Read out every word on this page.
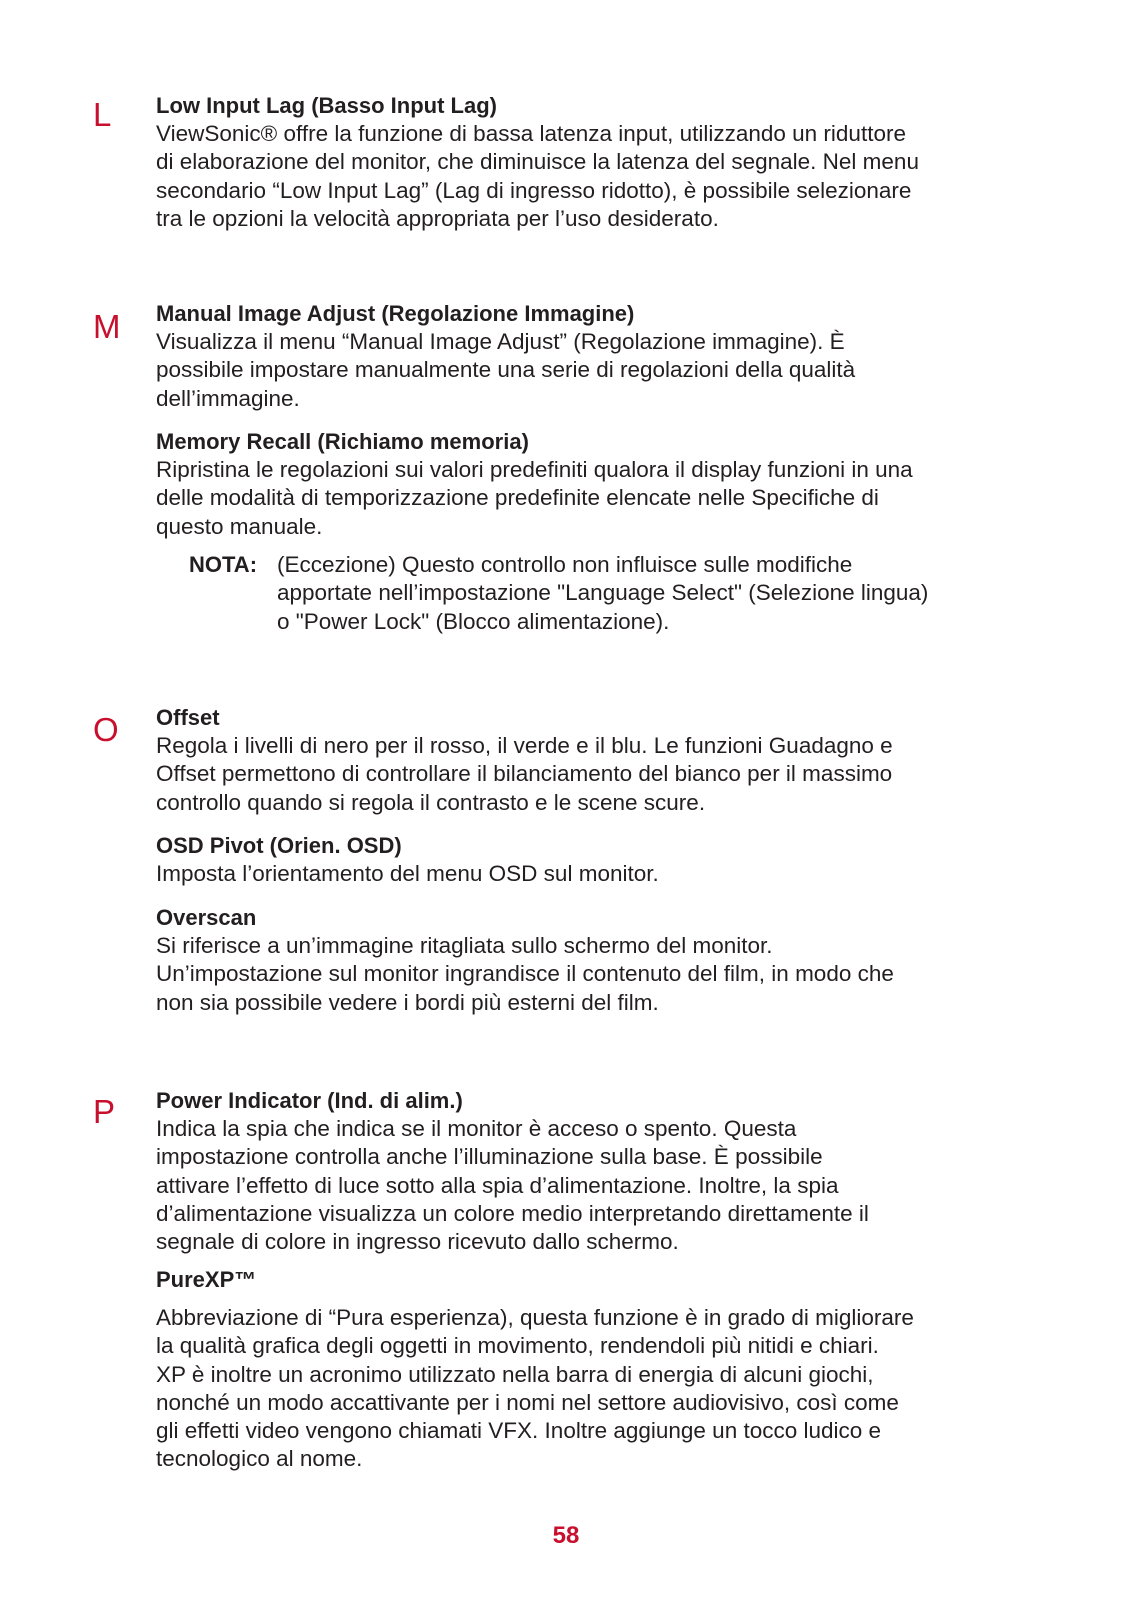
L Low Input Lag (Basso Input Lag)

ViewSonic® offre la funzione di bassa latenza input, utilizzando un riduttore

di elaborazione del monitor, che diminuisce la latenza del segnale. Nel menu

secondario “Low Input Lag” (Lag di ingresso ridotto), è possibile selezionare

tra le opzioni la velocità appropriata per l’uso desiderato.

M Manual Image Adjust (Regolazione Immagine)

Visualizza il menu “Manual Image Adjust” (Regolazione immagine). È

possibile impostare manualmente una serie di regolazioni della qualità

dell’immagine.

Memory Recall (Richiamo memoria)

Ripristina le regolazioni sui valori predefiniti qualora il display funzioni in una

delle modalità di temporizzazione predefinite elencate nelle Specifiche di

questo manuale.

NOTA: (Eccezione) Questo controllo non influisce sulle modifiche
apportate nell’impostazione "Language Select" (Selezione lingua)
o "Power Lock" (Blocco alimentazione).
O Offset

Regola i livelli di nero per il rosso, il verde e il blu. Le funzioni Guadagno e

Offset permettono di controllare il bilanciamento del bianco per il massimo

controllo quando si regola il contrasto e le scene scure.

OSD Pivot (Orien. OSD)

Imposta l’orientamento del menu OSD sul monitor.

Overscan

Si riferisce a un’immagine ritagliata sullo schermo del monitor.

Un’impostazione sul monitor ingrandisce il contenuto del film, in modo che

non sia possibile vedere i bordi più esterni del film.

P Power Indicator (Ind. di alim.)

Indica la spia che indica se il monitor è acceso o spento. Questa

impostazione controlla anche l’illuminazione sulla base. È possibile

attivare l’effetto di luce sotto alla spia d’alimentazione. Inoltre, la spia

d’alimentazione visualizza un colore medio interpretando direttamente il

segnale di colore in ingresso ricevuto dallo schermo.

PureXP™

Abbreviazione di “Pura esperienza), questa funzione è in grado di migliorare

la qualità grafica degli oggetti in movimento, rendendoli più nitidi e chiari.

XP è inoltre un acronimo utilizzato nella barra di energia di alcuni giochi,

nonché un modo accattivante per i nomi nel settore audiovisivo, così come

gli effetti video vengono chiamati VFX. Inoltre aggiunge un tocco ludico e

tecnologico al nome.

58
